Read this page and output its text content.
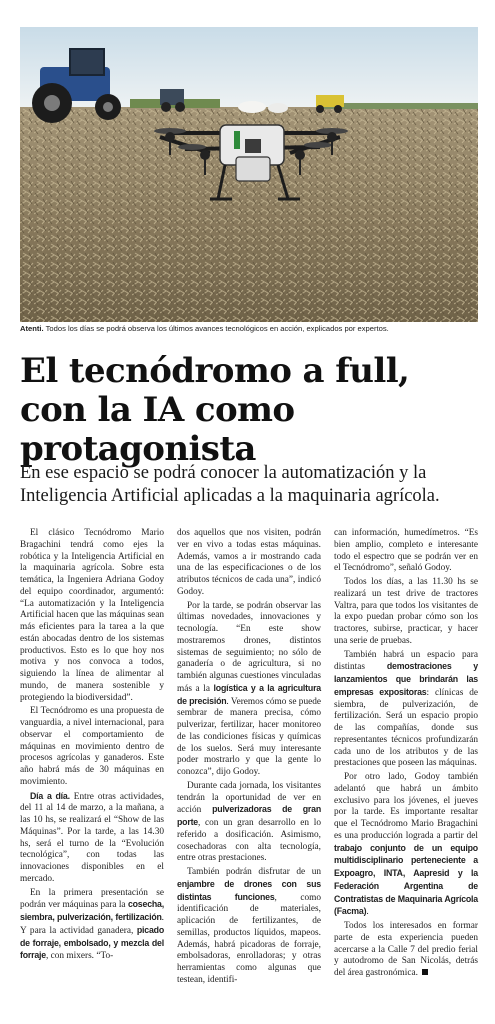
Atenti. Todos los días se podrá observa los últimos avances tecnológicos en acción, explicados por expertos.
El tecnódromo a full, con la IA como protagonista

En ese espacio se podrá conocer la automatización y la Inteligencia Artificial aplicadas a la maquinaria agrícola.

El clásico Tecnódromo Mario Bragachini tendrá como ejes la robótica y la Inteligencia Artificial en la maquinaria agrícola. Sobre esta temática, la Ingeniera Adriana Godoy del equipo coordinador, argumentó: “La automatización y la Inteligencia Artificial hacen que las máquinas sean más eficientes para la tarea a la que están abocadas dentro de los sistemas productivos. Esto es lo que hoy nos motiva y nos convoca a todos, siguiendo la línea de alimentar al mundo, de manera sostenible y protegiendo la biodiversidad”.

El Tecnódromo es una propuesta de vanguardia, a nivel internacional, para observar el comportamiento de máquinas en movimiento dentro de procesos agrícolas y ganaderos. Este año habrá más de 30 máquinas en movimiento.

Día a día. Entre otras actividades, del 11 al 14 de marzo, a la mañana, a las 10 hs, se realizará el “Show de las Máquinas”. Por la tarde, a las 14.30 hs, será el turno de la “Evolución tecnológica”, con todas las innovaciones disponibles en el mercado.

En la primera presentación se podrán ver máquinas para la cosecha, siembra, pulverización, fertilización. Y para la actividad ganadera, picado de forraje, embolsado, y mezcla del forraje, con mixers. “To-

dos aquellos que nos visiten, podrán ver en vivo a todas estas máquinas. Además, vamos a ir mostrando cada una de las especificaciones o de los atributos técnicos de cada una”, indicó Godoy.

Por la tarde, se podrán observar las últimas novedades, innovaciones y tecnología. “En este show mostraremos drones, distintos sistemas de seguimiento; no sólo de ganadería o de agricultura, si no también algunas cuestiones vinculadas más a la logística y a la agricultura de precisión. Veremos cómo se puede sembrar de manera precisa, cómo pulverizar, fertilizar, hacer monitoreo de las condiciones físicas y químicas de los suelos. Será muy interesante poder mostrarlo y que la gente lo conozca”, dijo Godoy.

Durante cada jornada, los visitantes tendrán la oportunidad de ver en acción pulverizadoras de gran porte, con un gran desarrollo en lo referido a dosificación. Asimismo, cosechadoras con alta tecnología, entre otras prestaciones.

También podrán disfrutar de un enjambre de drones con sus distintas funciones, como identificación de materiales, aplicación de fertilizantes, de semillas, productos líquidos, mapeos. Además, habrá picadoras de forraje, embolsadoras, enrolladoras; y otras herramientas como algunas que testean, identifi-

can información, humedímetros. “Es bien amplio, completo e interesante todo el espectro que se podrán ver en el Tecnódromo”, señaló Godoy.

Todos los días, a las 11.30 hs se realizará un test drive de tractores Valtra, para que todos los visitantes de la expo puedan probar cómo son los tractores, subirse, practicar, y hacer una serie de pruebas.

También habrá un espacio para distintas demostraciones y lanzamientos que brindarán las empresas expositoras: clínicas de siembra, de pulverización, de fertilización. Será un espacio propio de las compañías, donde sus representantes técnicos profundizarán cada uno de los atributos y de las prestaciones que poseen las máquinas.

Por otro lado, Godoy también adelantó que habrá un ámbito exclusivo para los jóvenes, el jueves por la tarde. Es importante resaltar que el Tecnódromo Mario Bragachini es una producción lograda a partir del trabajo conjunto de un equipo multidisciplinario perteneciente a Expoagro, INTA, Aapresid y la Federación Argentina de Contratistas de Maquinaria Agrícola (Facma).

Todos los interesados en formar parte de esta experiencia pueden acercarse a la Calle 7 del predio ferial y autodromo de San Nicolás, detrás del área gastronómica.
